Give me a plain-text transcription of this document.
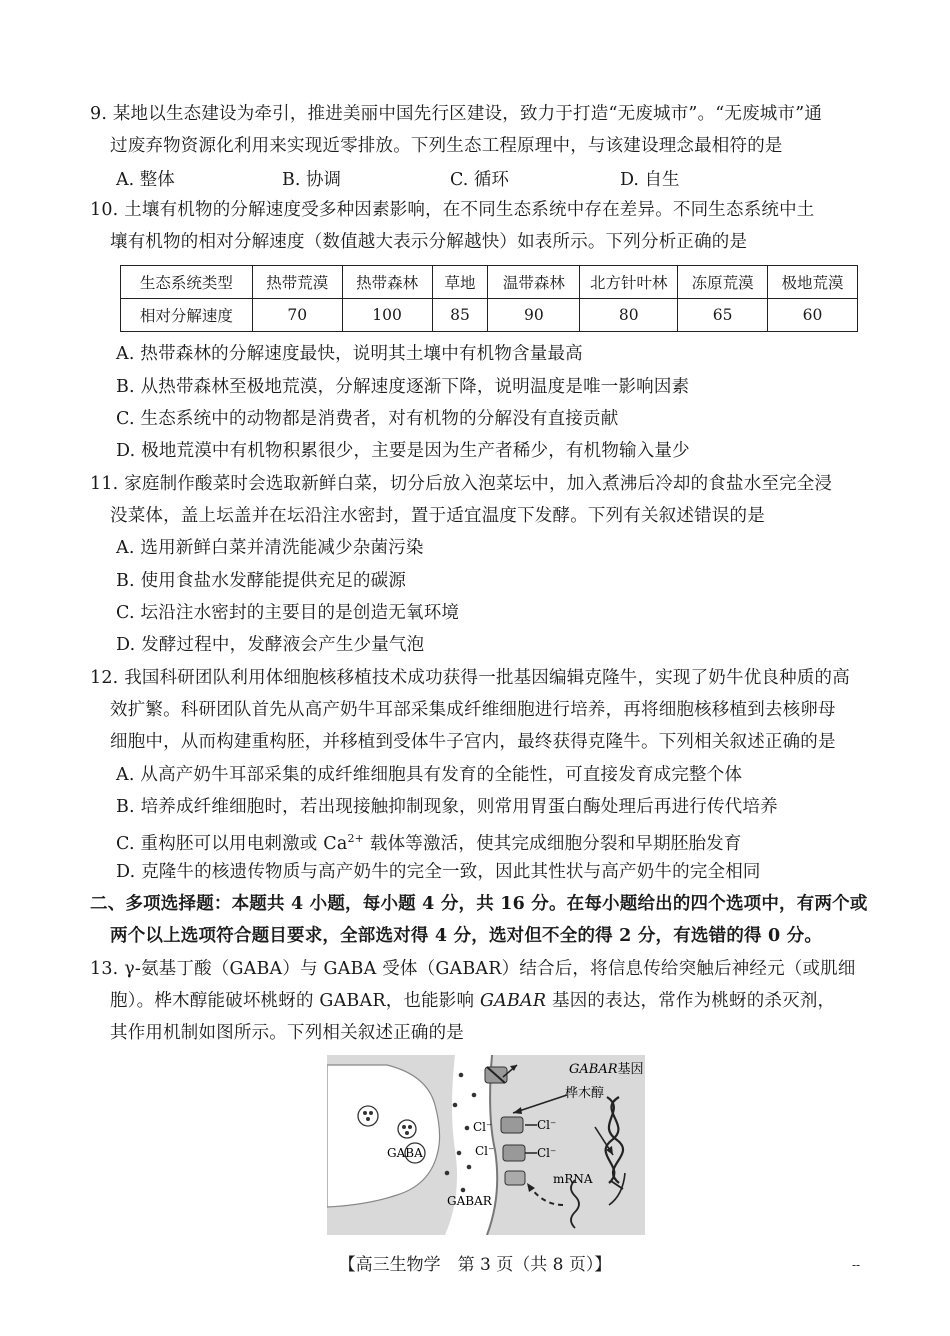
9. 某地以生态建设为牵引，推进美丽中国先行区建设，致力于打造“无废城市”。“无废城市”通
过废弃物资源化利用来实现近零排放。下列生态工程原理中，与该建设理念最相符的是
A. 整体	B. 协调	C. 循环	D. 自生
10. 土壤有机物的分解速度受多种因素影响，在不同生态系统中存在差异。不同生态系统中土
壤有机物的相对分解速度（数值越大表示分解越快）如表所示。下列分析正确的是
生态系统类型	热带荒漠	热带森林	草地	温带森林	北方针叶林	冻原荒漠	极地荒漠
相对分解速度	70	100	85	90	80	65	60
A. 热带森林的分解速度最快，说明其土壤中有机物含量最高
B. 从热带森林至极地荒漠，分解速度逐渐下降，说明温度是唯一影响因素
C. 生态系统中的动物都是消费者，对有机物的分解没有直接贡献
D. 极地荒漠中有机物积累很少，主要是因为生产者稀少，有机物输入量少
11. 家庭制作酸菜时会选取新鲜白菜，切分后放入泡菜坛中，加入煮沸后冷却的食盐水至完全浸
没菜体，盖上坛盖并在坛沿注水密封，置于适宜温度下发酵。下列有关叙述错误的是
A. 选用新鲜白菜并清洗能减少杂菌污染
B. 使用食盐水发酵能提供充足的碳源
C. 坛沿注水密封的主要目的是创造无氧环境
D. 发酵过程中，发酵液会产生少量气泡
12. 我国科研团队利用体细胞核移植技术成功获得一批基因编辑克隆牛，实现了奶牛优良种质的高
效扩繁。科研团队首先从高产奶牛耳部采集成纤维细胞进行培养，再将细胞核移植到去核卵母
细胞中，从而构建重构胚，并移植到受体牛子宫内，最终获得克隆牛。下列相关叙述正确的是
A. 从高产奶牛耳部采集的成纤维细胞具有发育的全能性，可直接发育成完整个体
B. 培养成纤维细胞时，若出现接触抑制现象，则常用胃蛋白酶处理后再进行传代培养
C. 重构胚可以用电刺激或 $Ca^{2+}$ 载体等激活，使其完成细胞分裂和早期胚胎发育
D. 克隆牛的核遗传物质与高产奶牛的完全一致，因此其性状与高产奶牛的完全相同
二、多项选择题：本题共 4 小题，每小题 4 分，共 16 分。在每小题给出的四个选项中，有两个或
两个以上选项符合题目要求，全部选对得 4 分，选对但不全的得 2 分，有选错的得 0 分。
13. γ-氨基丁酸（GABA）与 GABA 受体（GABAR）结合后，将信息传给突触后神经元（或肌细
胞）。桦木醇能破坏桃蚜的 GABAR，也能影响 GABAR 基因的表达，常作为桃蚜的杀灭剂，
其作用机制如图所示。下列相关叙述正确的是
GABAR基因
桦木醇
Cl⁻	Cl⁻
Cl⁻	Cl⁻
GABA
GABAR
mRNA
【高三生物学　第 3 页（共 8 页）】	--
